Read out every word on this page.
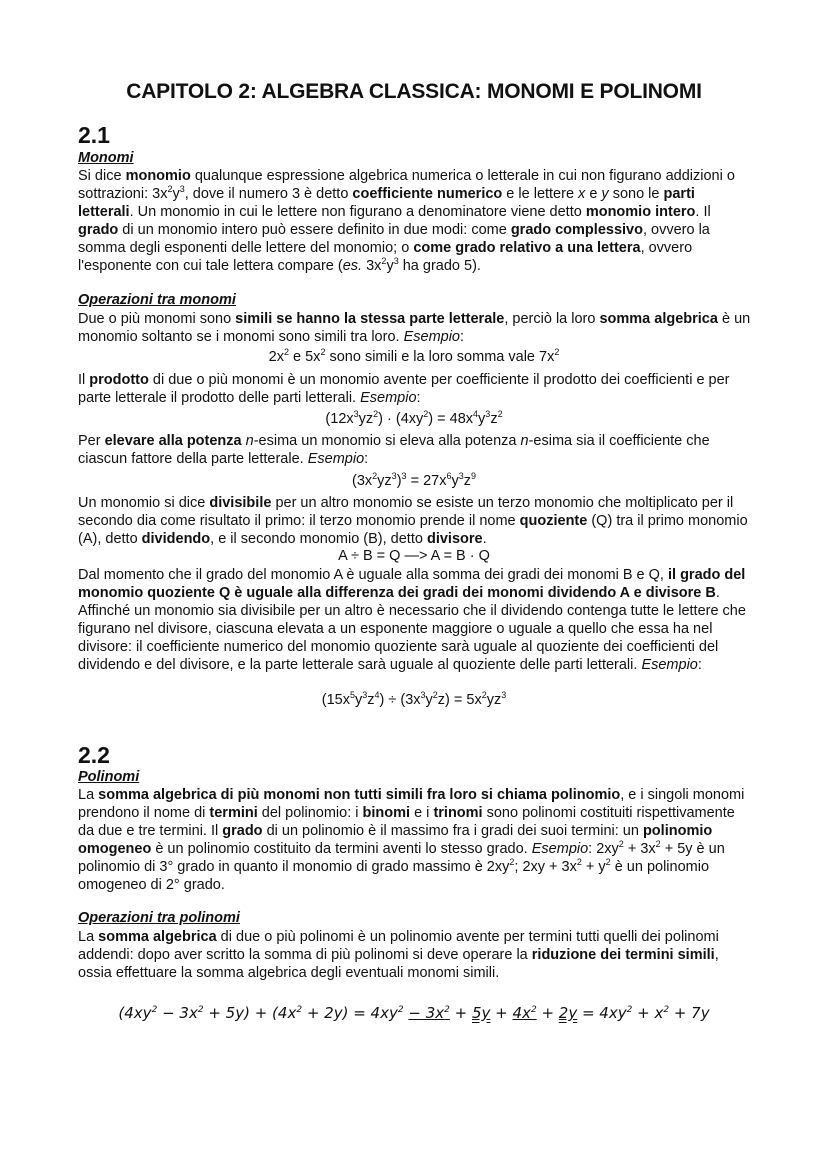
CAPITOLO 2: ALGEBRA CLASSICA: MONOMI E POLINOMI
2.1
Monomi

Si dice monomio qualunque espressione algebrica numerica o letterale in cui non figurano addizioni o sottrazioni: $3x^2y^3$, dove il numero 3 è detto coefficiente numerico e le lettere x e y sono le parti letterali. Un monomio in cui le lettere non figurano a denominatore viene detto monomio intero. Il grado di un monomio intero può essere definito in due modi: come grado complessivo, ovvero la somma degli esponenti delle lettere del monomio; o come grado relativo a una lettera, ovvero l'esponente con cui tale lettera compare (es. $3x^2y^3$ ha grado 5).

Operazioni tra monomi

Due o più monomi sono simili se hanno la stessa parte letterale, perciò la loro somma algebrica è un monomio soltanto se i monomi sono simili tra loro. Esempio:

$2x^2$ e $5x^2$ sono simili e la loro somma vale $7x^2$

Il prodotto di due o più monomi è un monomio avente per coefficiente il prodotto dei coefficienti e per parte letterale il prodotto delle parti letterali. Esempio:

$(12x^3yz^2) \cdot (4xy^2) = 48x^4y^3z^2$

Per elevare alla potenza n-esima un monomio si eleva alla potenza n-esima sia il coefficiente che ciascun fattore della parte letterale. Esempio:

$(3x^2yz^3)^3 = 27x^6y^3z^9$

Un monomio si dice divisibile per un altro monomio se esiste un terzo monomio che moltiplicato per il secondo dia come risultato il primo: il terzo monomio prende il nome quoziente (Q) tra il primo monomio (A), detto dividendo, e il secondo monomio (B), detto divisore.

A ÷ B = Q —> A = B · Q

Dal momento che il grado del monomio A è uguale alla somma dei gradi dei monomi B e Q, il grado del monomio quoziente Q è uguale alla differenza dei gradi dei monomi dividendo A e divisore B. Affinché un monomio sia divisibile per un altro è necessario che il dividendo contenga tutte le lettere che figurano nel divisore, ciascuna elevata a un esponente maggiore o uguale a quello che essa ha nel divisore: il coefficiente numerico del monomio quoziente sarà uguale al quoziente dei coefficienti del dividendo e del divisore, e la parte letterale sarà uguale al quoziente delle parti letterali. Esempio:

$(15x^5y^3z^4) \div (3x^3y^2z) = 5x^2yz^3$

2.2
Polinomi

La somma algebrica di più monomi non tutti simili fra loro si chiama polinomio, e i singoli monomi prendono il nome di termini del polinomio: i binomi e i trinomi sono polinomi costituiti rispettivamente da due e tre termini. Il grado di un polinomio è il massimo fra i gradi dei suoi termini: un polinomio omogeneo è un polinomio costituito da termini aventi lo stesso grado. Esempio: $2xy^2 + 3x^2 + 5y$ è un polinomio di 3° grado in quanto il monomio di grado massimo è $2xy^2$; $2xy + 3x^2 + y^2$ è un polinomio omogeneo di 2° grado.

Operazioni tra polinomi

La somma algebrica di due o più polinomi è un polinomio avente per termini tutti quelli dei polinomi addendi: dopo aver scritto la somma di più polinomi si deve operare la riduzione dei termini simili, ossia effettuare la somma algebrica degli eventuali monomi simili.

$(4xy^2 - 3x^2 + 5y) + (4x^2 + 2y) = 4xy^2 - 3x^2 + 5y + 4x^2 + 2y = 4xy^2 + x^2 + 7y$
